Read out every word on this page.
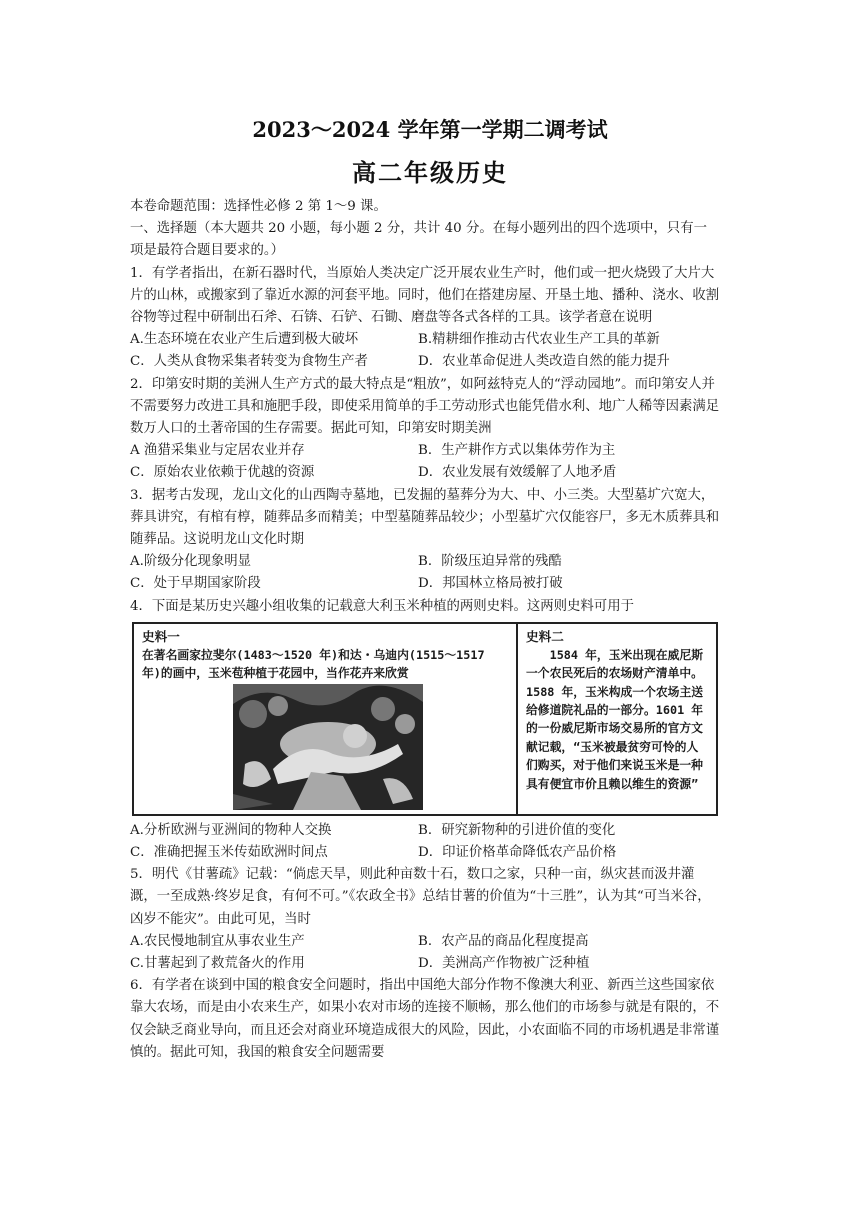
2023～2024 学年第一学期二调考试
高二年级历史

本卷命题范围：选择性必修 2 第 1～9 课。

一、选择题（本大题共 20 小题，每小题 2 分，共计 40 分。在每小题列出的四个选项中，只有一项是最符合题目要求的。）

1．有学者指出，在新石器时代，当原始人类决定广泛开展农业生产时，他们或一把火烧毁了大片大片的山林，或搬家到了靠近水源的河套平地。同时，他们在搭建房屋、开垦土地、播种、浇水、收割谷物等过程中研制出石斧、石锛、石铲、石锄、磨盘等各式各样的工具。该学者意在说明

A.生态环境在农业产生后遭到极大破坏	B.精耕细作推动古代农业生产工具的革新
C．人类从食物采集者转变为食物生产者	D．农业革命促进人类改造自然的能力提升

2．印第安时期的美洲人生产方式的最大特点是“粗放”，如阿兹特克人的“浮动园地”。而印第安人并不需要努力改进工具和施肥手段，即使采用简单的手工劳动形式也能凭借水利、地广人稀等因素满足数万人口的土著帝国的生存需要。据此可知，印第安时期美洲

A 渔猎采集业与定居农业并存	B．生产耕作方式以集体劳作为主
C．原始农业依赖于优越的资源	D．农业发展有效缓解了人地矛盾

3．据考古发现，龙山文化的山西陶寺墓地，已发掘的墓葬分为大、中、小三类。大型墓圹穴宽大，葬具讲究，有棺有椁，随葬品多而精美；中型墓随葬品较少；小型墓圹穴仅能容尸，多无木质葬具和随葬品。这说明龙山文化时期

A.阶级分化现象明显	B．阶级压迫异常的残酷
C．处于早期国家阶段	D．邦国林立格局被打破

4．下面是某历史兴趣小组收集的记载意大利玉米种植的两则史料。这两则史料可用于

史料一
在著名画家拉斐尔(1483～1520 年)和达・乌迪内(1515～1517 年)的画中，玉米苞种植于花园中，当作花卉来欣赏
史料二
1584 年，玉米出现在威尼斯一个农民死后的农场财产清单中。1588 年，玉米构成一个农场主送给修道院礼品的一部分。1601 年的一份威尼斯市场交易所的官方文献记载，“玉米被最贫穷可怜的人们购买，对于他们来说玉米是一种具有便宜市价且赖以维生的资源”
A.分析欧洲与亚洲间的物种人交换	B．研究新物种的引进价值的变化
C．准确把握玉米传茹欧洲时间点	D．印证价格革命降低农产品价格

5．明代《甘薯疏》记载：“倘虑天旱，则此种亩数十石，数口之家，只种一亩，纵灾甚而汲井灌溉，一至成熟·终岁足食，有何不可。”《农政全书》总结甘薯的价值为“十三胜”，认为其“可当米谷，凶岁不能灾”。由此可见，当时

A.农民慢地制宜从事农业生产	B．农产品的商品化程度提高
C.甘薯起到了救荒备火的作用	D．美洲高产作物被广泛种植

6．有学者在谈到中国的粮食安全问题时，指出中国绝大部分作物不像澳大利亚、新西兰这些国家依靠大农场，而是由小农来生产，如果小农对市场的连接不顺畅，那么他们的市场参与就是有限的，不仅会缺乏商业导向，而且还会对商业环境造成很大的风险，因此，小农面临不同的市场机遇是非常谨慎的。据此可知，我国的粮食安全问题需要
